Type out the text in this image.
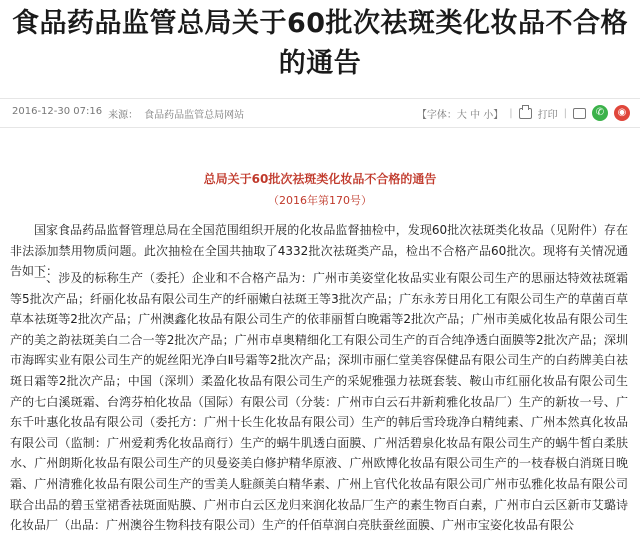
食品药品监管总局关于60批次祛斑类化妆品不合格的通告
2016-12-30 07:16 来源： 食品药品监管总局网站	【字体：大 中 小】 |	打印 |	✆	◉
总局关于60批次祛斑类化妆品不合格的通告
（2016年第170号）

国家食品药品监督管理总局在全国范围组织开展的化妆品监督抽检中，发现60批次祛斑类化妆品（见附件）存在非法添加禁用物质问题。此次抽检在全国共抽取了4332批次祛斑类产品，检出不合格产品60批次。现将有关情况通告如下：

一、涉及的标称生产（委托）企业和不合格产品为：广州市美姿堂化妆品实业有限公司生产的思丽达特效祛斑霜等5批次产品；纤丽化妆品有限公司生产的纤丽嫩白祛斑王等3批次产品；广东永芳日用化工有限公司生产的草菌百草草本祛斑等2批次产品；广州澳鑫化妆品有限公司生产的依菲丽皙白晚霜等2批次产品；广州市美威化妆品有限公司生产的美之韵祛斑美白二合一等2批次产品；广州市卓奥精细化工有限公司生产的百合纯净透白面膜等2批次产品；深圳市海晖实业有限公司生产的妮丝阳光净白Ⅱ号霜等2批次产品；深圳市丽仁堂美容保健品有限公司生产的白药牌美白祛斑日霜等2批次产品；中国（深圳）柔盈化妆品有限公司生产的采妮雅强力祛斑套装、鞍山市红丽化妆品有限公司生产的七白溪斑霜、台湾芬柏化妆品（国际）有限公司（分装：广州市白云石井新莉雅化妆品厂）生产的新妆一号、广东千叶惠化妆品有限公司（委托方：广州十长生化妆品有限公司）生产的韩后雪玲珑净白精纯素、广州本然真化妆品有限公司（监制：广州爱莉秀化妆品商行）生产的蜗牛肌透白面膜、广州活碧泉化妆品有限公司生产的蜗牛皙白柔肤水、广州朗斯化妆品有限公司生产的贝曼姿美白修护精华原液、广州欧博化妆品有限公司生产的一枝春极白消斑日晚霜、广州清雅化妆品有限公司生产的雪美人駐颜美白精华素、广州上官代化妆品有限公司广州市弘雅化妆品有限公司联合出品的碧玉堂裙香祛斑面贴膜、广州市白云区龙归来润化妆品厂生产的素生物百白素，广州市白云区新市艾璐诗化妆品厂（出品：广州澳谷生物科技有限公司）生产的仟佰草润白亮肤蚕丝面膜、广州市宝姿化妆品有限公
